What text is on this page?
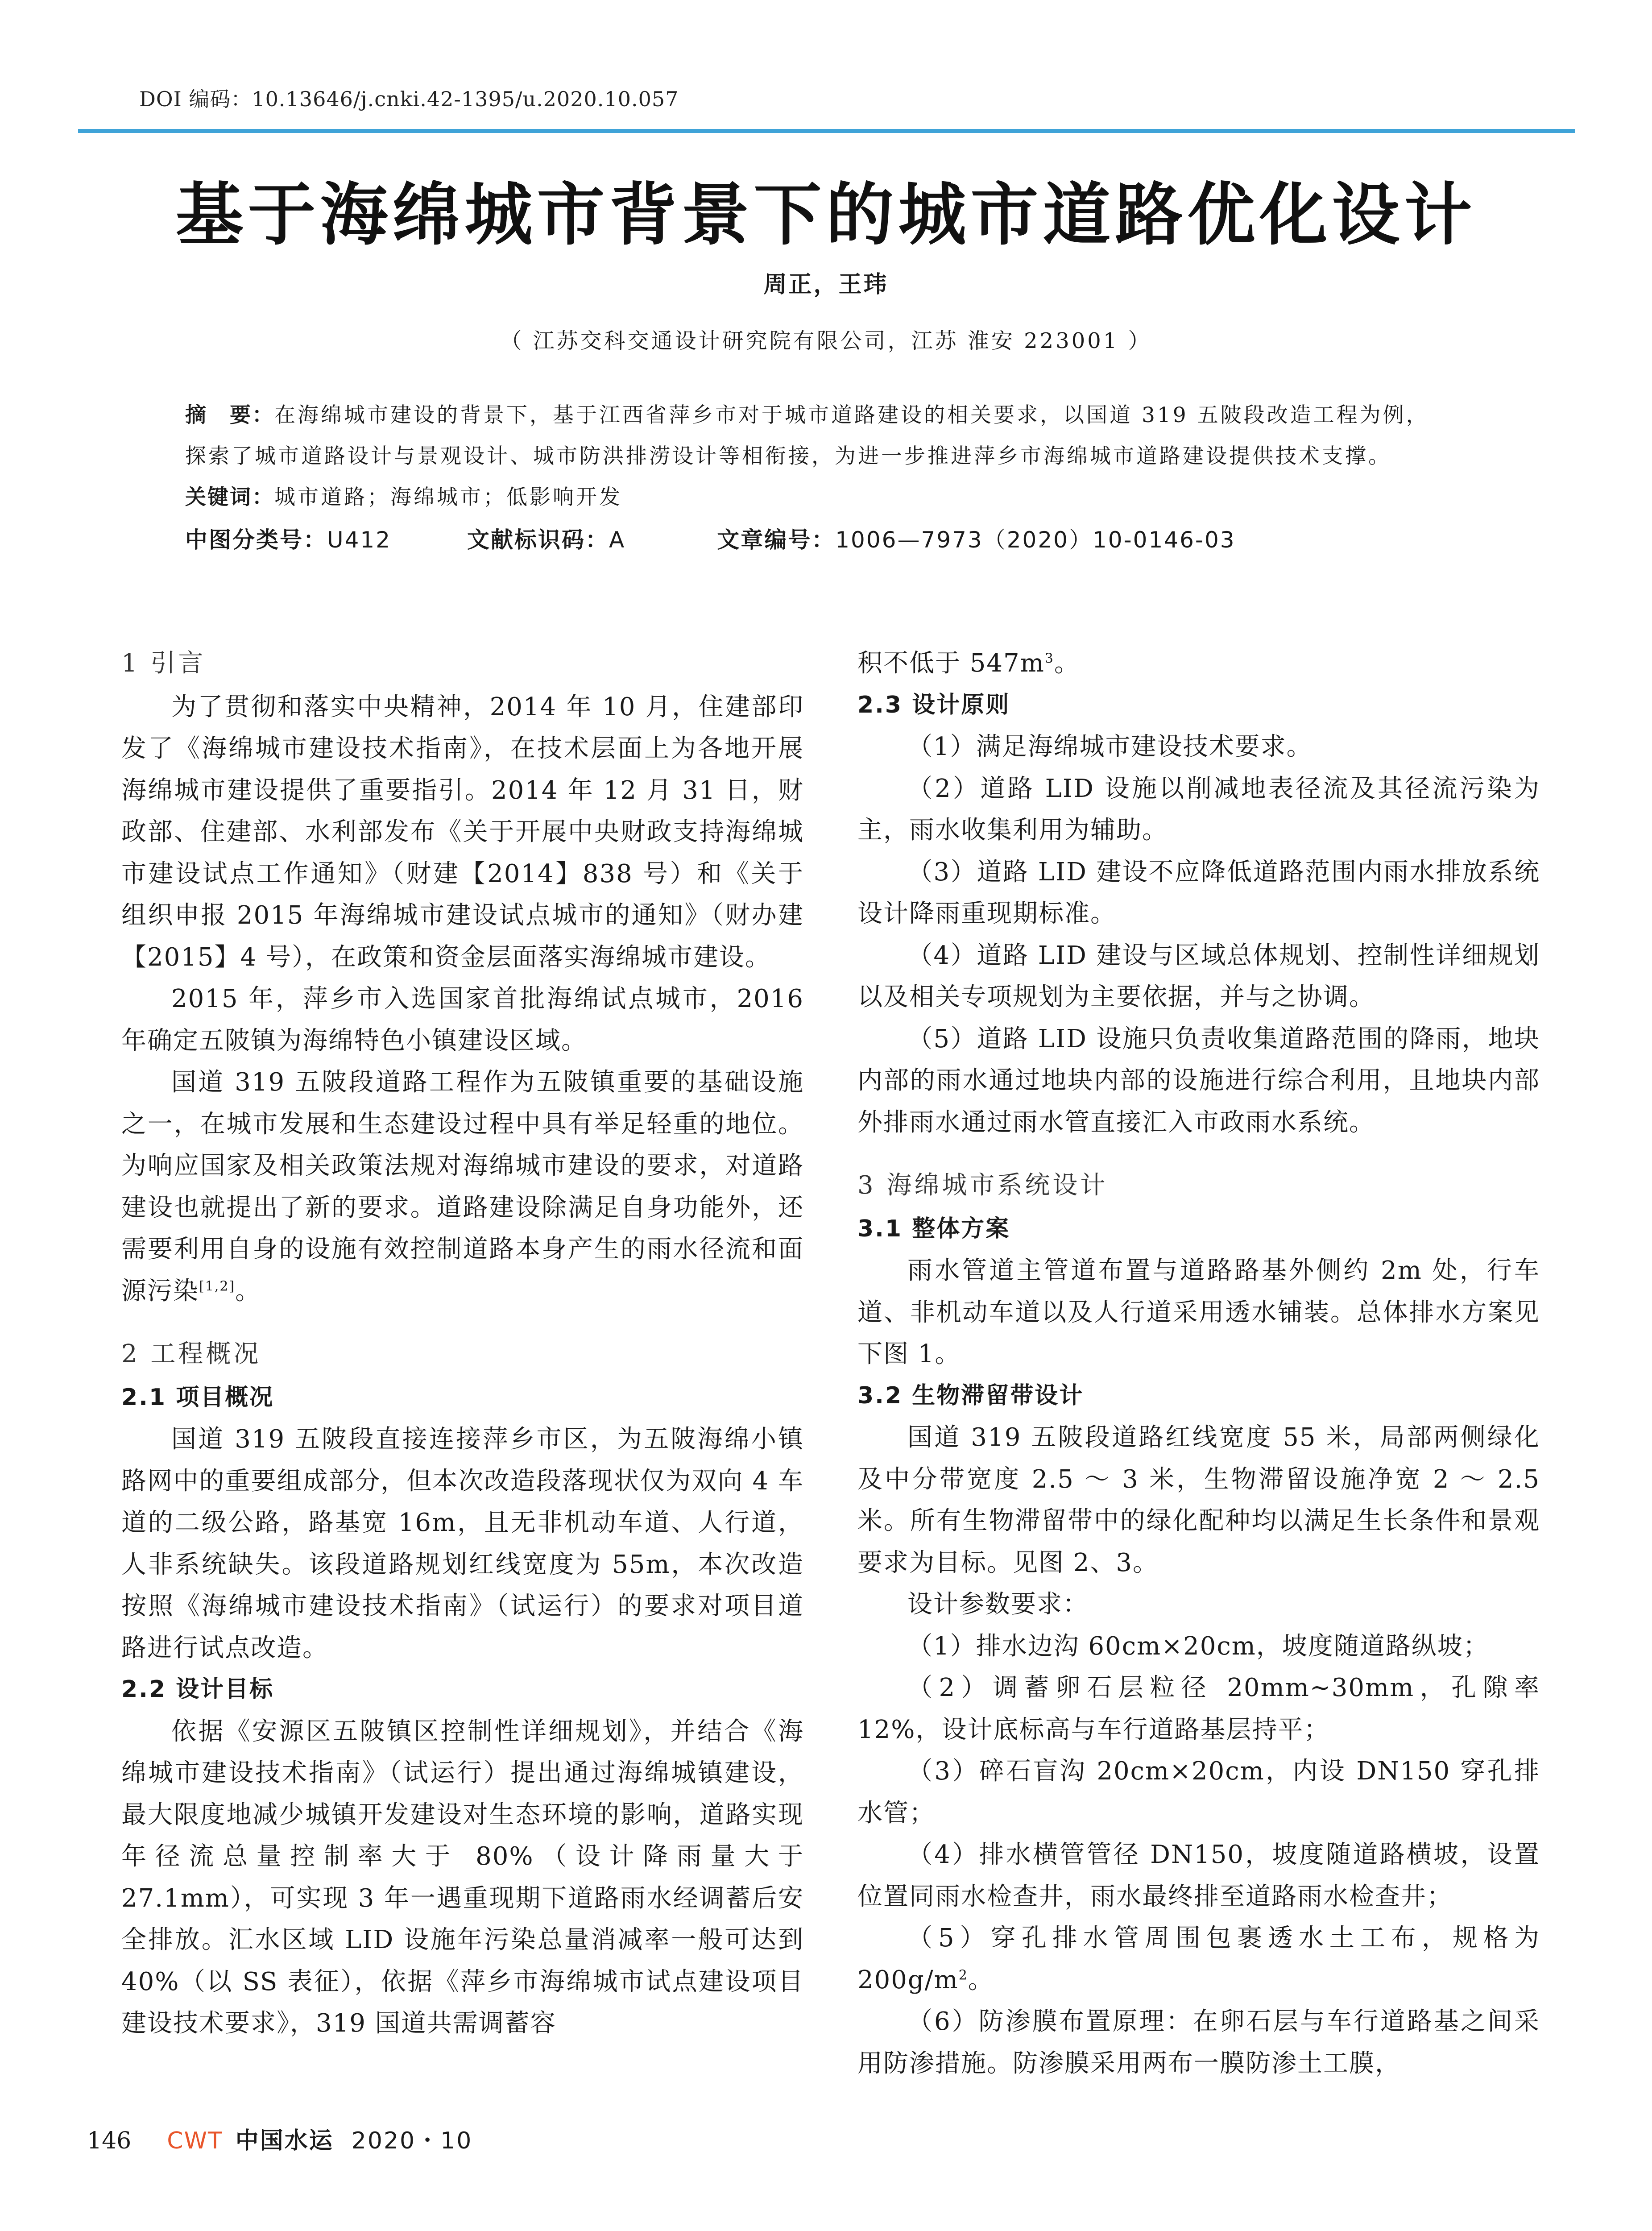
DOI 编码：10.13646/j.cnki.42-1395/u.2020.10.057
基于海绵城市背景下的城市道路优化设计
周正，王玮
（ 江苏交科交通设计研究院有限公司，江苏 淮安 223001 ）

摘　要：在海绵城市建设的背景下，基于江西省萍乡市对于城市道路建设的相关要求，以国道 319 五陂段改造工程为例，

探索了城市道路设计与景观设计、城市防洪排涝设计等相衔接，为进一步推进萍乡市海绵城市道路建设提供技术支撑。

关键词：城市道路；海绵城市；低影响开发

中图分类号：U412	文献标识码：A	文章编号：1006—7973（2020）10-0146-03

1 引言

为了贯彻和落实中央精神，2014 年 10 月，住建部印发了《海绵城市建设技术指南》，在技术层面上为各地开展海绵城市建设提供了重要指引。2014 年 12 月 31 日，财政部、住建部、水利部发布《关于开展中央财政支持海绵城市建设试点工作通知》（财建【2014】838 号）和《关于组织申报 2015 年海绵城市建设试点城市的通知》（财办建【2015】4 号），在政策和资金层面落实海绵城市建设。

2015 年，萍乡市入选国家首批海绵试点城市，2016 年确定五陂镇为海绵特色小镇建设区域。

国道 319 五陂段道路工程作为五陂镇重要的基础设施之一，在城市发展和生态建设过程中具有举足轻重的地位。为响应国家及相关政策法规对海绵城市建设的要求，对道路建设也就提出了新的要求。道路建设除满足自身功能外，还需要利用自身的设施有效控制道路本身产生的雨水径流和面源污染[1,2]。

2 工程概况

2.1 项目概况

国道 319 五陂段直接连接萍乡市区，为五陂海绵小镇路网中的重要组成部分，但本次改造段落现状仅为双向 4 车道的二级公路，路基宽 16m，且无非机动车道、人行道，人非系统缺失。该段道路规划红线宽度为 55m，本次改造按照《海绵城市建设技术指南》（试运行）的要求对项目道路进行试点改造。

2.2 设计目标

依据《安源区五陂镇区控制性详细规划》，并结合《海绵城市建设技术指南》（试运行）提出通过海绵城镇建设，最大限度地减少城镇开发建设对生态环境的影响，道路实现年径流总量控制率大于 80%（设计降雨量大于 27.1mm），可实现 3 年一遇重现期下道路雨水经调蓄后安全排放。汇水区域 LID 设施年污染总量消减率一般可达到 40%（以 SS 表征），依据《萍乡市海绵城市试点建设项目建设技术要求》，319 国道共需调蓄容

积不低于 $547m^3$。

2.3 设计原则

（1）满足海绵城市建设技术要求。

（2）道路 LID 设施以削减地表径流及其径流污染为主，雨水收集利用为辅助。

（3）道路 LID 建设不应降低道路范围内雨水排放系统设计降雨重现期标准。

（4）道路 LID 建设与区域总体规划、控制性详细规划以及相关专项规划为主要依据，并与之协调。

（5）道路 LID 设施只负责收集道路范围的降雨，地块内部的雨水通过地块内部的设施进行综合利用，且地块内部外排雨水通过雨水管直接汇入市政雨水系统。

3 海绵城市系统设计

3.1 整体方案

雨水管道主管道布置与道路路基外侧约 2m 处，行车道、非机动车道以及人行道采用透水铺装。总体排水方案见下图 1。

3.2 生物滞留带设计

国道 319 五陂段道路红线宽度 55 米，局部两侧绿化及中分带宽度 2.5 ～ 3 米，生物滞留设施净宽 2 ～ 2.5 米。所有生物滞留带中的绿化配种均以满足生长条件和景观要求为目标。见图 2、3。

设计参数要求：

（1）排水边沟 60cm×20cm，坡度随道路纵坡；

（2）调蓄卵石层粒径 20mm~30mm，孔隙率 12%，设计底标高与车行道路基层持平；

（3）碎石盲沟 20cm×20cm，内设 DN150 穿孔排水管；

（4）排水横管管径 DN150，坡度随道路横坡，设置位置同雨水检查井，雨水最终排至道路雨水检查井；

（5）穿孔排水管周围包裹透水土工布，规格为 $200g/m^2$。

（6）防渗膜布置原理：在卵石层与车行道路基之间采用防渗措施。防渗膜采用两布一膜防渗土工膜，

146 CWT 中国水运 2020・10
